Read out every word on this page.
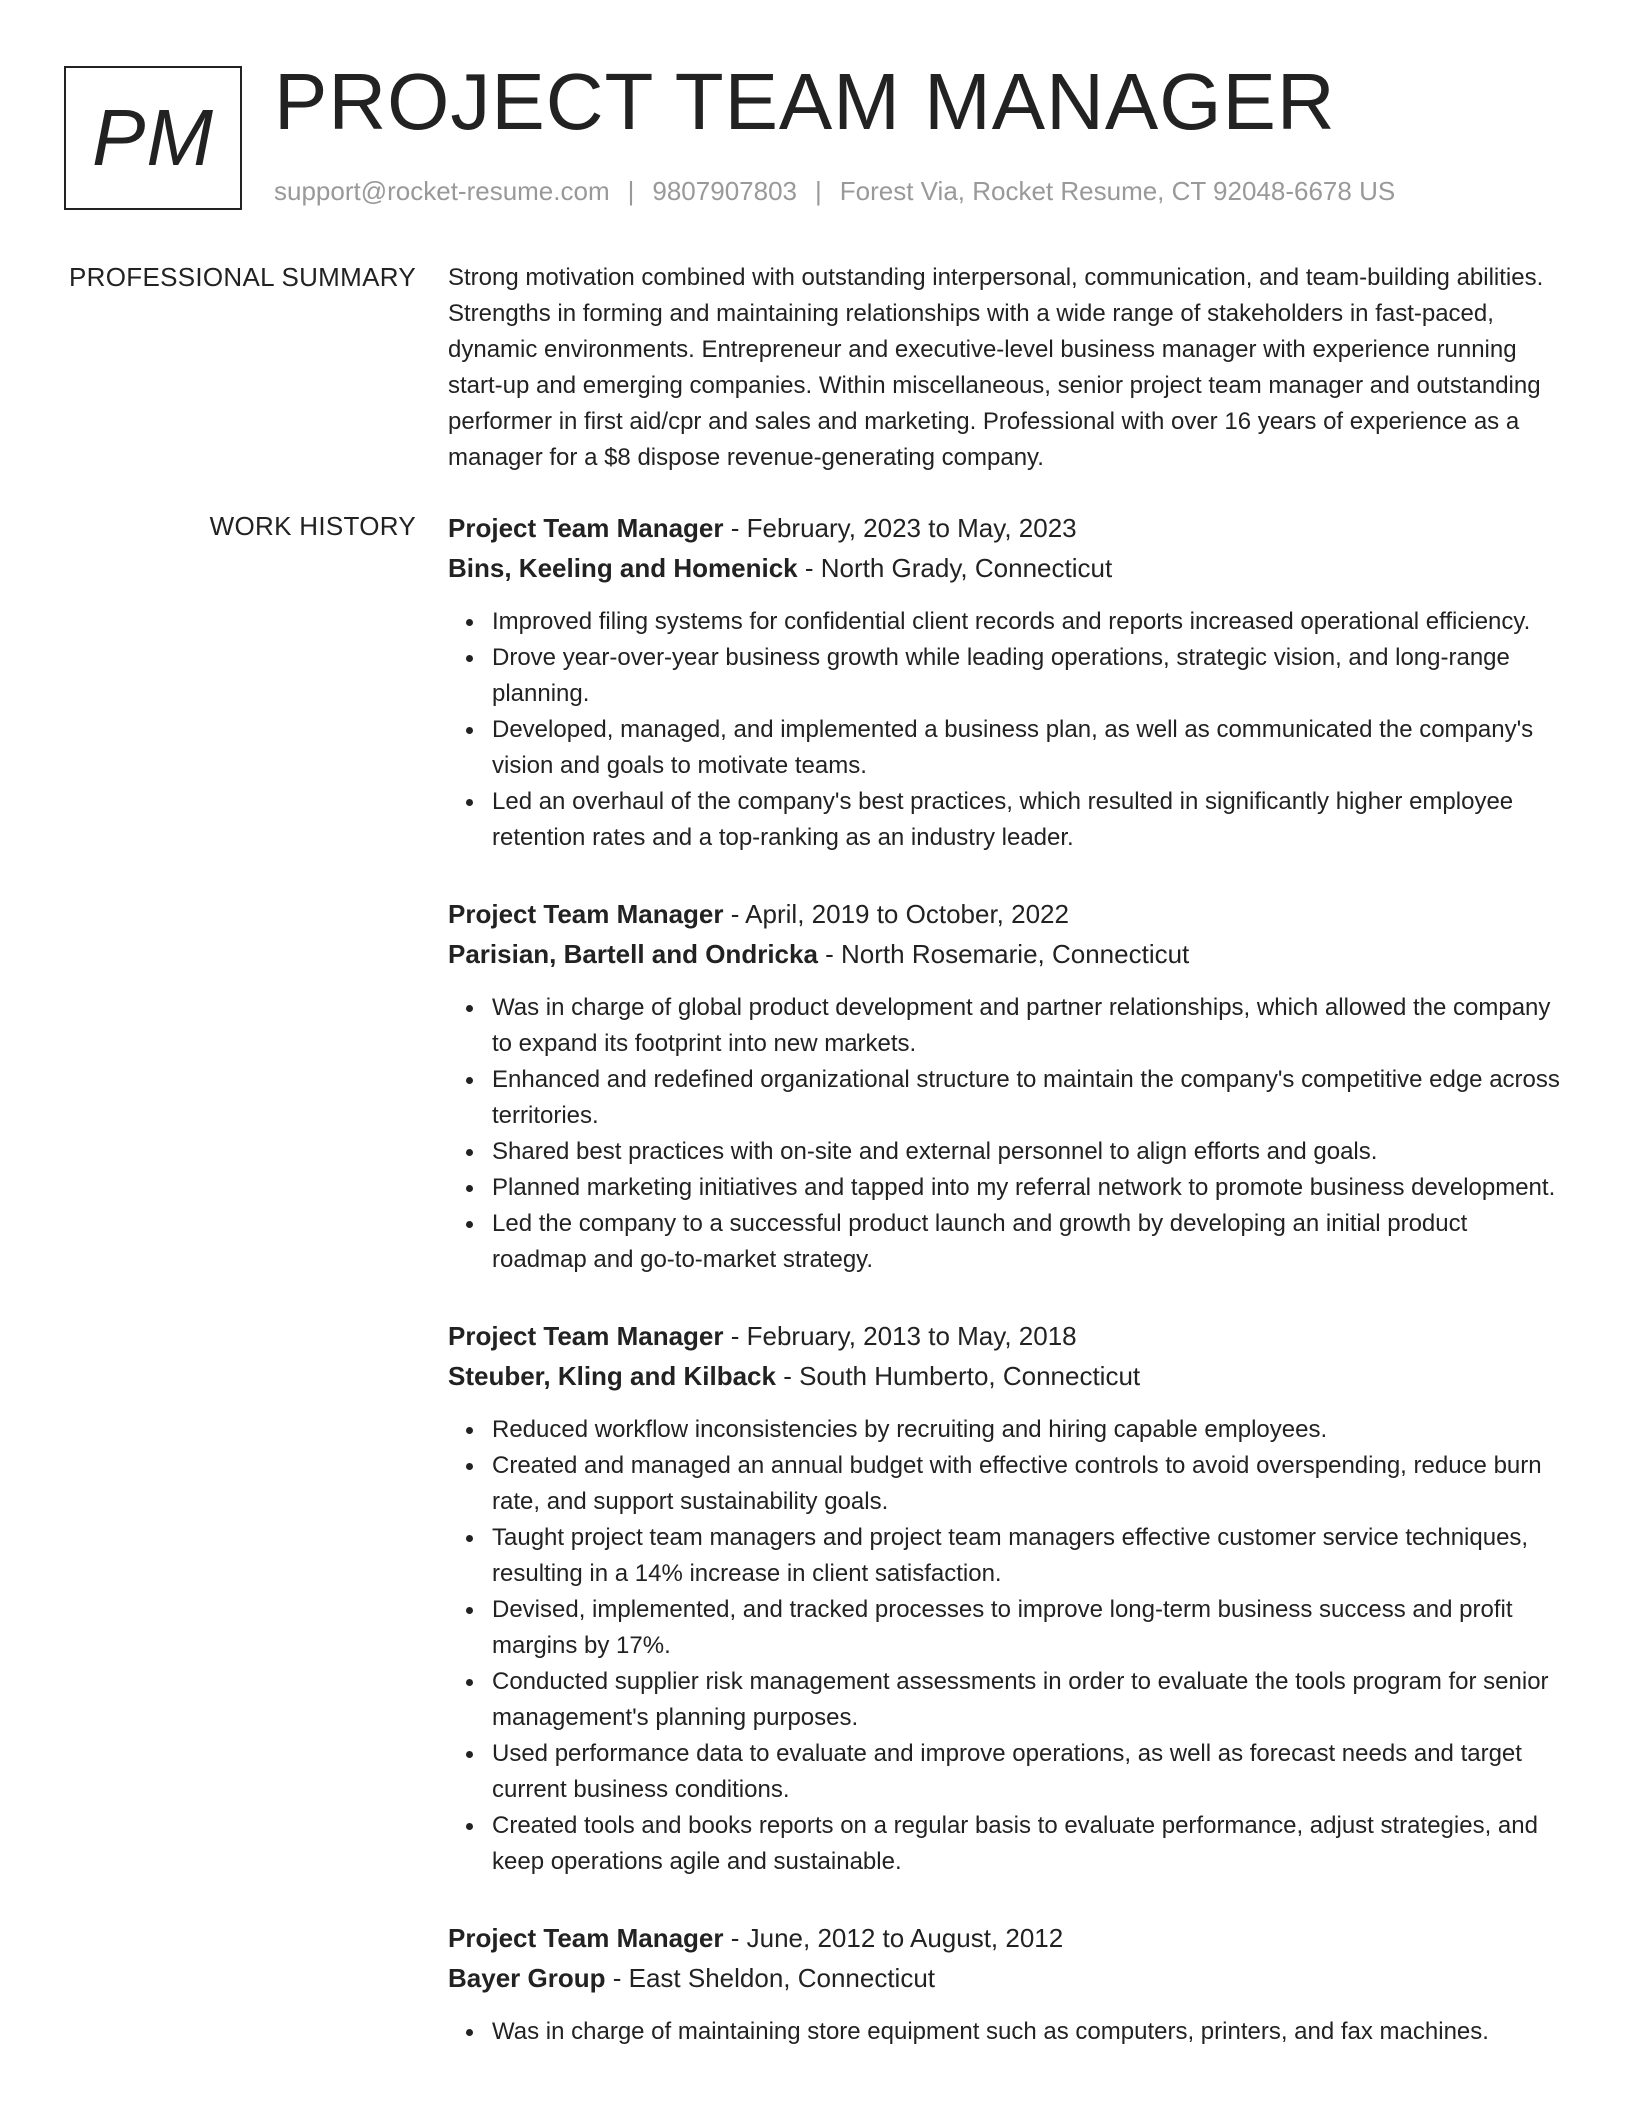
PM PROJECT TEAM MANAGER
support@rocket-resume.com | 9807907803 | Forest Via, Rocket Resume, CT 92048-6678 US
PROFESSIONAL SUMMARY Strong motivation combined with outstanding interpersonal, communication, and team-building abilities. Strengths in forming and maintaining relationships with a wide range of stakeholders in fast-paced, dynamic environments. Entrepreneur and executive-level business manager with experience running start-up and emerging companies. Within miscellaneous, senior project team manager and outstanding performer in first aid/cpr and sales and marketing. Professional with over 16 years of experience as a manager for a $8 dispose revenue-generating company.

WORK HISTORY Project Team Manager - February, 2023 to May, 2023
Bins, Keeling and Homenick - North Grady, Connecticut
Improved filing systems for confidential client records and reports increased operational efficiency.
Drove year-over-year business growth while leading operations, strategic vision, and long-range planning.
Developed, managed, and implemented a business plan, as well as communicated the company's vision and goals to motivate teams.
Led an overhaul of the company's best practices, which resulted in significantly higher employee retention rates and a top-ranking as an industry leader.
Project Team Manager - April, 2019 to October, 2022
Parisian, Bartell and Ondricka - North Rosemarie, Connecticut
Was in charge of global product development and partner relationships, which allowed the company to expand its footprint into new markets.
Enhanced and redefined organizational structure to maintain the company's competitive edge across territories.
Shared best practices with on-site and external personnel to align efforts and goals.
Planned marketing initiatives and tapped into my referral network to promote business development.
Led the company to a successful product launch and growth by developing an initial product roadmap and go-to-market strategy.
Project Team Manager - February, 2013 to May, 2018
Steuber, Kling and Kilback - South Humberto, Connecticut
Reduced workflow inconsistencies by recruiting and hiring capable employees.
Created and managed an annual budget with effective controls to avoid overspending, reduce burn rate, and support sustainability goals.
Taught project team managers and project team managers effective customer service techniques, resulting in a 14% increase in client satisfaction.
Devised, implemented, and tracked processes to improve long-term business success and profit margins by 17%.
Conducted supplier risk management assessments in order to evaluate the tools program for senior management's planning purposes.
Used performance data to evaluate and improve operations, as well as forecast needs and target current business conditions.
Created tools and books reports on a regular basis to evaluate performance, adjust strategies, and keep operations agile and sustainable.
Project Team Manager - June, 2012 to August, 2012
Bayer Group - East Sheldon, Connecticut
Was in charge of maintaining store equipment such as computers, printers, and fax machines.
